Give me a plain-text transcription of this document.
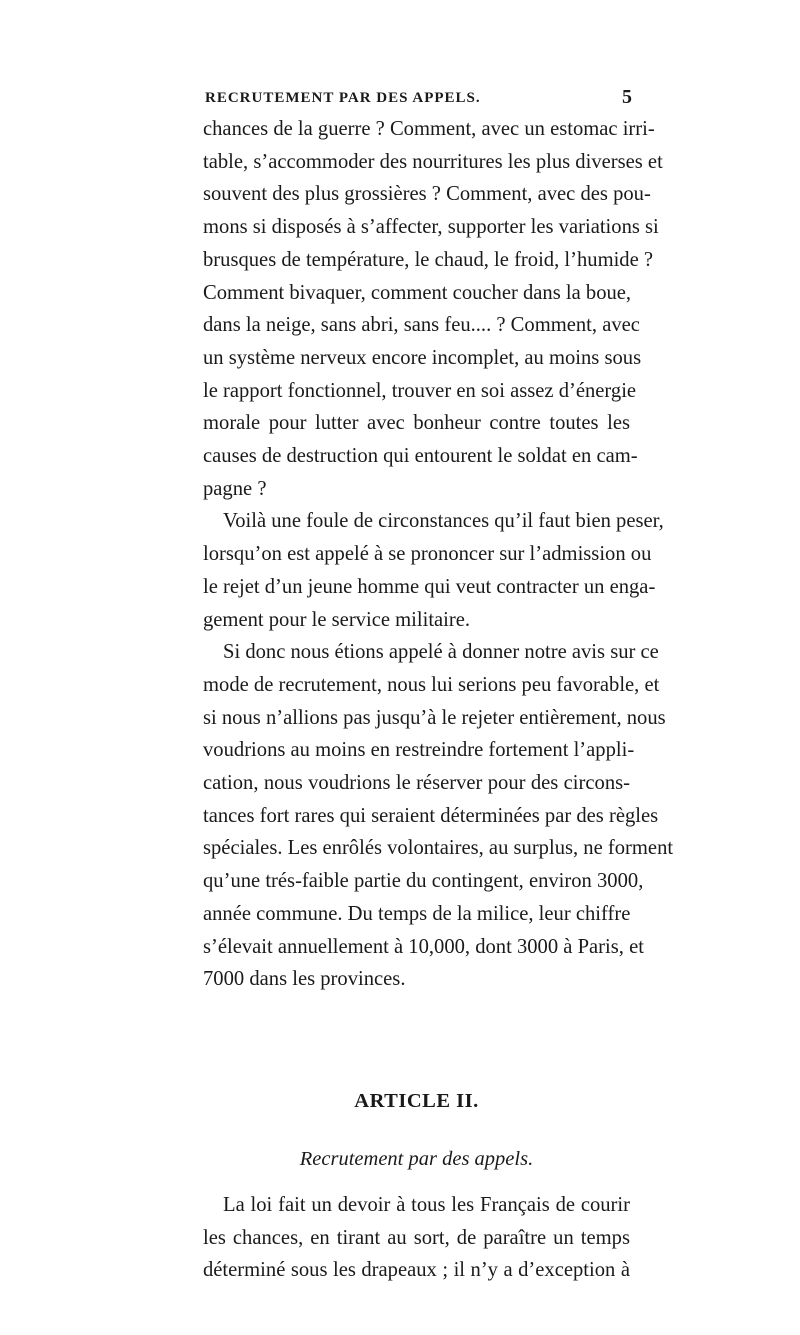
RECRUTEMENT PAR DES APPELS.	5

chances de la guerre ? Comment, avec un estomac irri-
table, s’accommoder des nourritures les plus diverses et
souvent des plus grossières ? Comment, avec des pou-
mons si disposés à s’affecter, supporter les variations si
brusques de température, le chaud, le froid, l’humide ?
Comment bivaquer, comment coucher dans la boue,
dans la neige, sans abri, sans feu.... ? Comment, avec
un système nerveux encore incomplet, au moins sous
le rapport fonctionnel, trouver en soi assez d’énergie
morale pour lutter avec bonheur contre toutes les
causes de destruction qui entourent le soldat en cam-
pagne ?

Voilà une foule de circonstances qu’il faut bien peser,

lorsqu’on est appelé à se prononcer sur l’admission ou
le rejet d’un jeune homme qui veut contracter un enga-
gement pour le service militaire.

Si donc nous étions appelé à donner notre avis sur ce

mode de recrutement, nous lui serions peu favorable, et
si nous n’allions pas jusqu’à le rejeter entièrement, nous
voudrions au moins en restreindre fortement l’appli-
cation, nous voudrions le réserver pour des circons-
tances fort rares qui seraient déterminées par des règles
spéciales. Les enrôlés volontaires, au surplus, ne forment
qu’une trés-faible partie du contingent, environ 3000,
année commune. Du temps de la milice, leur chiffre
s’élevait annuellement à 10,000, dont 3000 à Paris, et
7000 dans les provinces.

ARTICLE II.
Recrutement par des appels.

La loi fait un devoir à tous les Français de courir

les chances, en tirant au sort, de paraître un temps
déterminé sous les drapeaux ; il n’y a d’exception à
